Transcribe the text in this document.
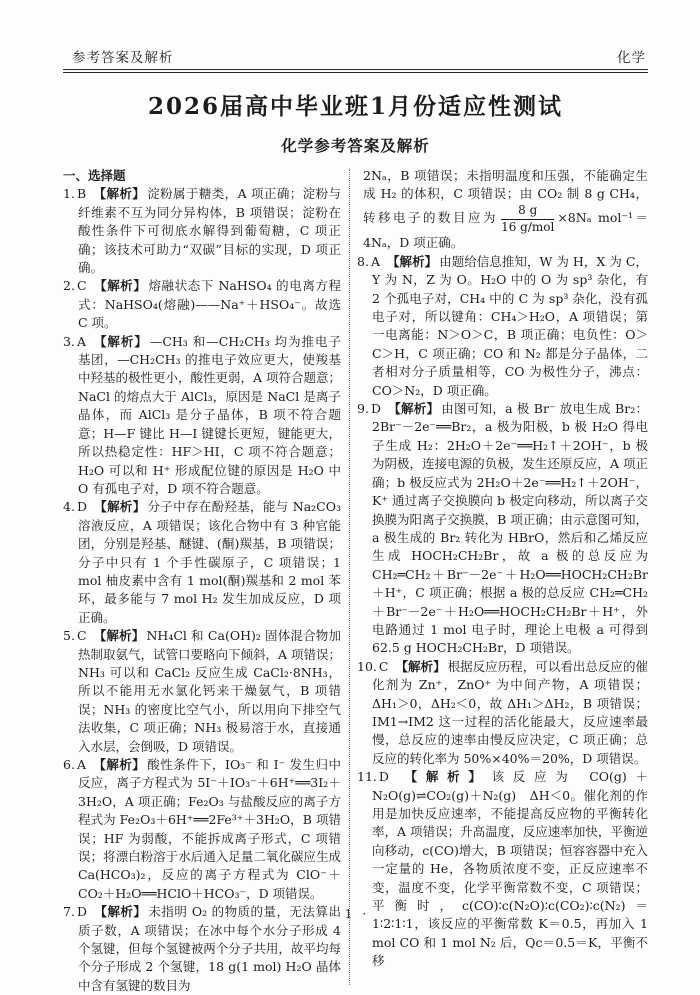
参考答案及解析	化学
2026届高中毕业班1月份适应性测试
化学参考答案及解析

一、选择题

1. B 【解析】 淀粉属于糖类，A 项正确；淀粉与纤维素不互为同分异构体，B 项错误；淀粉在酸性条件下可彻底水解得到葡萄糖，C 项正确；该技术可助力“双碳”目标的实现，D 项正确。

2. C 【解析】 熔融状态下 NaHSO₄ 的电离方程式：NaHSO₄(熔融)——Na⁺＋HSO₄⁻。故选 C 项。

3. A 【解析】 —CH₃ 和—CH₂CH₃ 均为推电子基团，—CH₂CH₃ 的推电子效应更大，使羧基中羟基的极性更小，酸性更弱，A 项符合题意；NaCl 的熔点大于 AlCl₃，原因是 NaCl 是离子晶体，而 AlCl₃ 是分子晶体，B 项不符合题意；H—F 键比 H—I 键键长更短，键能更大，所以热稳定性：HF＞HI，C 项不符合题意；H₂O 可以和 H⁺ 形成配位键的原因是 H₂O 中 O 有孤电子对，D 项不符合题意。

4. D 【解析】 分子中存在酚羟基，能与 Na₂CO₃ 溶液反应，A 项错误；该化合物中有 3 种官能团，分别是羟基、醚键、(酮)羰基，B 项错误；分子中只有 1 个手性碳原子，C 项错误；1 mol 柚皮素中含有 1 mol(酮)羰基和 2 mol 苯环，最多能与 7 mol H₂ 发生加成反应，D 项正确。

5. C 【解析】 NH₄Cl 和 Ca(OH)₂ 固体混合物加热制取氨气，试管口要略向下倾斜，A 项错误；NH₃ 可以和 CaCl₂ 反应生成 CaCl₂·8NH₃，所以不能用无水氯化钙来干燥氨气，B 项错误；NH₃ 的密度比空气小，所以用向下排空气法收集，C 项正确；NH₃ 极易溶于水，直接通入水层，会倒吸，D 项错误。

6. A 【解析】 酸性条件下，IO₃⁻ 和 I⁻ 发生归中反应，离子方程式为 5I⁻＋IO₃⁻＋6H⁺══3I₂＋3H₂O，A 项正确；Fe₂O₃ 与盐酸反应的离子方程式为 Fe₂O₃＋6H⁺══2Fe³⁺＋3H₂O，B 项错误；HF 为弱酸，不能拆成离子形式，C 项错误；将漂白粉溶于水后通入足量二氧化碳应生成 Ca(HCO₃)₂，反应的离子方程式为 ClO⁻＋CO₂＋H₂O══HClO＋HCO₃⁻，D 项错误。

7. D 【解析】 未指明 O₂ 的物质的量，无法算出质子数，A 项错误；在冰中每个水分子形成 4 个氢键，但每个氢键被两个分子共用，故平均每个分子形成 2 个氢键，18 g(1 mol) H₂O 晶体中含有氢键的数目为

2Nₐ，B 项错误；未指明温度和压强，不能确定生成 H₂ 的体积，C 项错误；由 CO₂ 制 8 g CH₄，转移电子的数目应为 $\frac{8 g}{\text{16 g/mol}} \times 8N_a$ mol⁻¹＝4Nₐ，D 项正确。

8. A 【解析】 由题给信息推知，W 为 H，X 为 C，Y 为 N，Z 为 O。H₂O 中的 O 为 sp³ 杂化，有 2 个孤电子对，CH₄ 中的 C 为 sp³ 杂化，没有孤电子对，所以键角：CH₄＞H₂O，A 项错误；第一电离能：N＞O＞C，B 项正确；电负性：O＞C＞H，C 项正确；CO 和 N₂ 都是分子晶体，二者相对分子质量相等，CO 为极性分子，沸点：CO＞N₂，D 项正确。

9. D 【解析】 由图可知，a 极 Br⁻ 放电生成 Br₂：2Br⁻－2e⁻══Br₂，a 极为阳极，b 极 H₂O 得电子生成 H₂：2H₂O＋2e⁻══H₂↑＋2OH⁻，b 极为阴极，连接电源的负极，发生还原反应，A 项正确；b 极反应式为 2H₂O＋2e⁻══H₂↑＋2OH⁻，K⁺ 通过离子交换膜向 b 极定向移动，所以离子交换膜为阳离子交换膜，B 项正确；由示意图可知，a 极生成的 Br₂ 转化为 HBrO，然后和乙烯反应生成 HOCH₂CH₂Br，故 a 极的总反应为 CH₂═CH₂＋Br⁻－2e⁻＋H₂O══HOCH₂CH₂Br＋H⁺，C 项正确；根据 a 极的总反应 CH₂═CH₂＋Br⁻－2e⁻＋H₂O══HOCH₂CH₂Br＋H⁺，外电路通过 1 mol 电子时，理论上电极 a 可得到 62.5 g HOCH₂CH₂Br，D 项错误。

10. C 【解析】 根据反应历程，可以看出总反应的催化剂为 Zn⁺，ZnO⁺ 为中间产物，A 项错误；ΔH₁＞0，ΔH₂＜0，故 ΔH₁＞ΔH₂，B 项错误；IM1→IM2 这一过程的活化能最大，反应速率最慢，总反应的速率由慢反应决定，C 项正确；总反应的转化率为 50%×40%＝20%，D 项错误。

11. D 【解析】 该反应为 CO(g)＋N₂O(g)⇌CO₂(g)＋N₂(g)　ΔH＜0。催化剂的作用是加快反应速率，不能提高反应物的平衡转化率，A 项错误；升高温度，反应速率加快，平衡逆向移动，c(CO)增大，B 项错误；恒容容器中充入一定量的 He，各物质浓度不变，正反应速率不变，温度不变，化学平衡常数不变，C 项错误；平衡时，c(CO)∶c(N₂O)∶c(CO₂)∶c(N₂)＝1∶2∶1∶1，该反应的平衡常数 K＝0.5，再加入 1 mol CO 和 1 mol N₂ 后，Qc＝0.5＝K，平衡不移

· 1 ·
